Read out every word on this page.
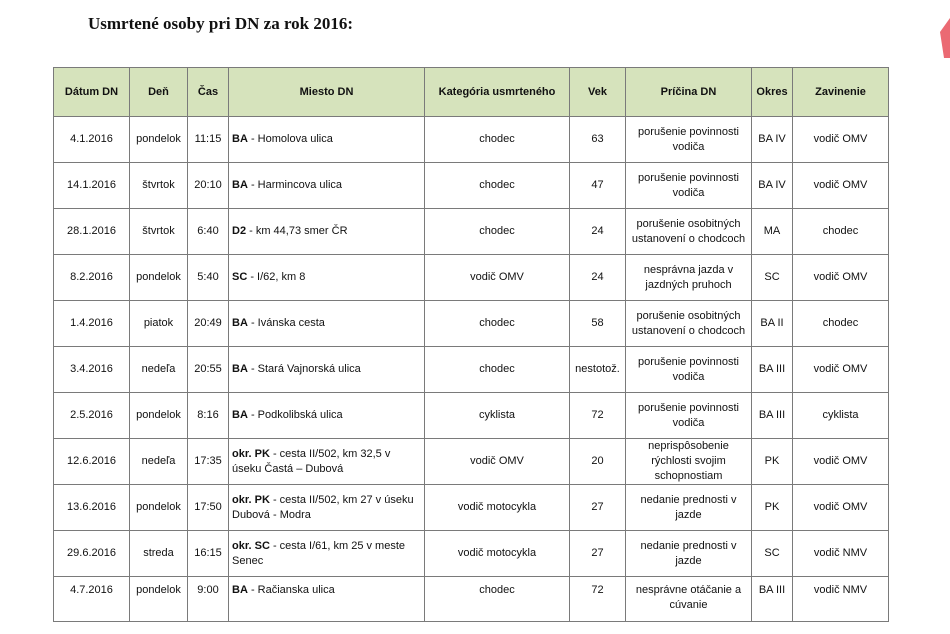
Usmrtené osoby pri DN za rok 2016:
Dátum DN	Deň	Čas	Miesto DN	Kategória usmrteného	Vek	Príčina DN	Okres	Zavinenie
4.1.2016	pondelok	11:15	BA - Homolova ulica	chodec	63	porušenie povinnosti vodiča	BA IV	vodič OMV
14.1.2016	štvrtok	20:10	BA - Harmincova ulica	chodec	47	porušenie povinnosti vodiča	BA IV	vodič OMV
28.1.2016	štvrtok	6:40	D2 - km 44,73 smer ČR	chodec	24	porušenie osobitných ustanovení o chodcoch	MA	chodec
8.2.2016	pondelok	5:40	SC - I/62, km 8	vodič OMV	24	nesprávna jazda v jazdných pruhoch	SC	vodič OMV
1.4.2016	piatok	20:49	BA - Ivánska cesta	chodec	58	porušenie osobitných ustanovení o chodcoch	BA II	chodec
3.4.2016	nedeľa	20:55	BA - Stará Vajnorská ulica	chodec	nestotož.	porušenie povinnosti vodiča	BA III	vodič OMV
2.5.2016	pondelok	8:16	BA - Podkolibská ulica	cyklista	72	porušenie povinnosti vodiča	BA III	cyklista
12.6.2016	nedeľa	17:35	okr. PK - cesta II/502, km 32,5 v úseku Častá – Dubová	vodič OMV	20	neprispôsobenie rýchlosti svojim schopnostiam	PK	vodič OMV
13.6.2016	pondelok	17:50	okr. PK - cesta II/502, km 27 v úseku Dubová - Modra	vodič motocykla	27	nedanie prednosti v jazde	PK	vodič OMV
29.6.2016	streda	16:15	okr. SC - cesta I/61, km 25 v meste Senec	vodič motocykla	27	nedanie prednosti v jazde	SC	vodič NMV
4.7.2016	pondelok	9:00	BA - Račianska ulica	chodec	72	nesprávne otáčanie a cúvanie	BA III	vodič NMV
